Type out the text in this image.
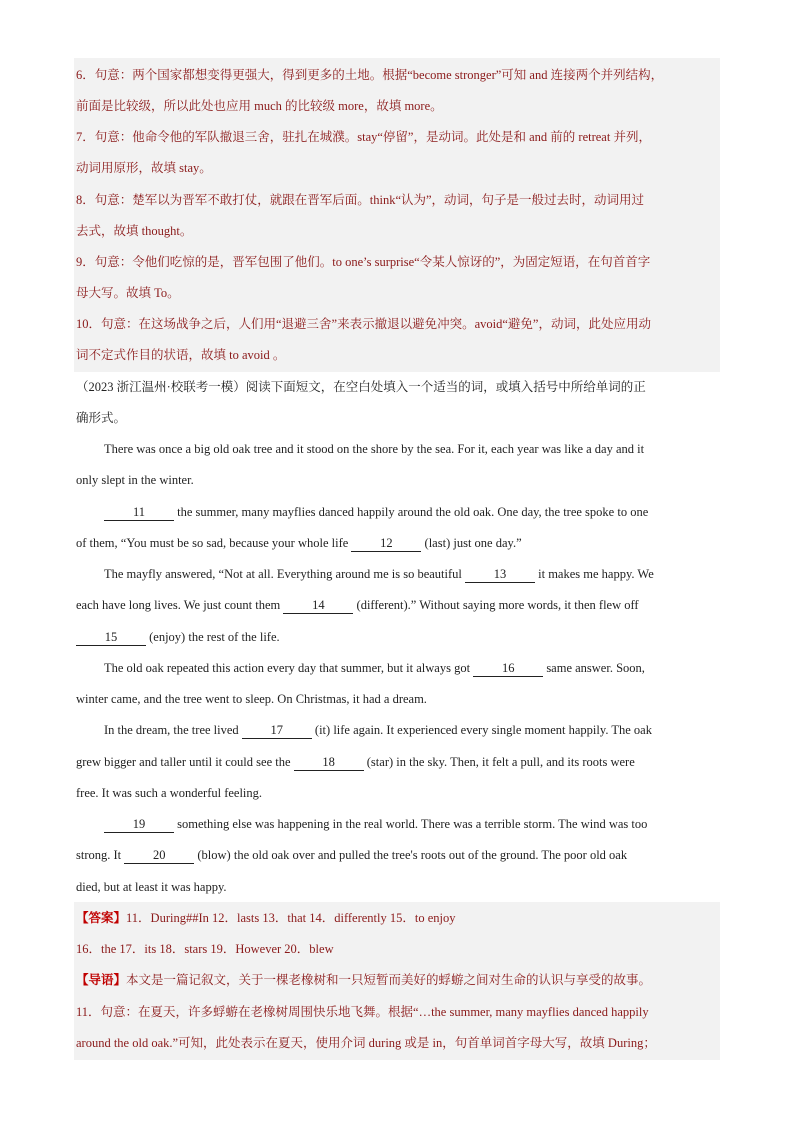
6．句意：两个国家都想变得更强大，得到更多的土地。根据“become stronger”可知 and 连接两个并列结构，
前面是比较级，所以此处也应用 much 的比较级 more，故填 more。
7．句意：他命令他的军队撤退三舍，驻扎在城濮。stay“停留”，是动词。此处是和 and 前的 retreat 并列，
动词用原形，故填 stay。
8．句意：楚军以为晋军不敢打仗，就跟在晋军后面。think“认为”，动词，句子是一般过去时，动词用过
去式，故填 thought。
9．句意：令他们吃惊的是，晋军包围了他们。to one’s surprise“令某人惊讶的”，为固定短语，在句首首字
母大写。故填 To。
10．句意：在这场战争之后，人们用“退避三舍”来表示撤退以避免冲突。avoid“避免”，动词，此处应用动
词不定式作目的状语，故填 to avoid 。
（2023 浙江温州·校联考一模）阅读下面短文，在空白处填入一个适当的词，或填入括号中所给单词的正
确形式。
There was once a big old oak tree and it stood on the shore by the sea. For it, each year was like a day and it
only slept in the winter.
11 the summer, many mayflies danced happily around the old oak. One day, the tree spoke to one
of them, “You must be so sad, because your whole life 12 (last) just one day.”
The mayfly answered, “Not at all. Everything around me is so beautiful 13 it makes me happy. We
each have long lives. We just count them 14 (different).” Without saying more words, it then flew off
15 (enjoy) the rest of the life.
The old oak repeated this action every day that summer, but it always got 16 same answer. Soon,
winter came, and the tree went to sleep. On Christmas, it had a dream.
In the dream, the tree lived 17 (it) life again. It experienced every single moment happily. The oak
grew bigger and taller until it could see the 18 (star) in the sky. Then, it felt a pull, and its roots were
free. It was such a wonderful feeling.
19 something else was happening in the real world. There was a terrible storm. The wind was too
strong. It 20 (blow) the old oak over and pulled the tree's roots out of the ground. The poor old oak
died, but at least it was happy.
【答案】11．During##In 12．lasts 13．that 14．differently 15．to enjoy
16．the 17．its 18．stars 19．However 20．blew
【导语】本文是一篇记叙文，关于一棵老橡树和一只短暂而美好的蜉蝣之间对生命的认识与享受的故事。
11．句意：在夏天，许多蜉蝣在老橡树周围快乐地飞舞。根据“…the summer, many mayflies danced happily
around the old oak.”可知，此处表示在夏天，使用介词 during 或是 in，句首单词首字母大写，故填 During；
